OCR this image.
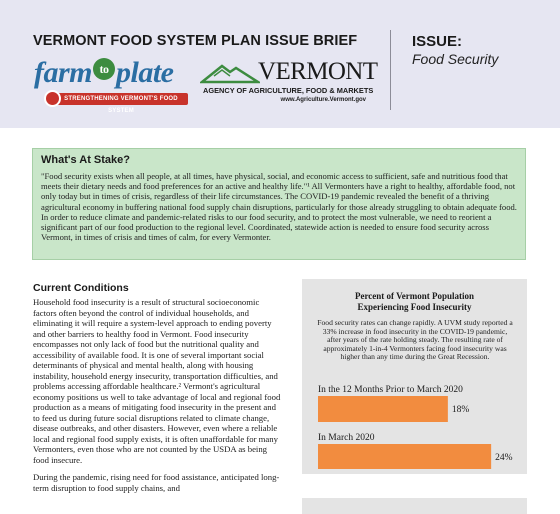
VERMONT FOOD SYSTEM PLAN ISSUE BRIEF	ISSUE:
Food Security
farm to plate
STRENGTHENING VERMONT'S FOOD SYSTEM
VERMONT
AGENCY OF AGRICULTURE, FOOD & MARKETS
www.Agriculture.Vermont.gov
What's At Stake?

"Food security exists when all people, at all times, have physical, social, and economic access to sufficient, safe and nutritious food that meets their dietary needs and food preferences for an active and healthy life."¹ All Vermonters have a right to healthy, affordable food, not only today but in times of crisis, regardless of their life circumstances. The COVID-19 pandemic revealed the benefit of a thriving agricultural economy in buffering national food supply chain disruptions, particularly for those already struggling to obtain adequate food. In order to reduce climate and pandemic-related risks to our food security, and to protect the most vulnerable, we need to reorient a significant part of our food production to the regional level. Coordinated, statewide action is needed to ensure food security across Vermont, in times of crisis and times of calm, for every Vermonter.

Current Conditions

Household food insecurity is a result of structural socioeconomic factors often beyond the control of individual households, and eliminating it will require a system-level approach to ending poverty and other barriers to healthy food in Vermont. Food insecurity encompasses not only lack of food but the nutritional quality and accessibility of available food. It is one of several important social determinants of physical and mental health, along with housing instability, household energy insecurity, transportation difficulties, and problems accessing affordable healthcare.² Vermont's agricultural economy positions us well to take advantage of local and regional food production as a means of mitigating food insecurity in the present and to feed us during future social disruptions related to climate change, disease outbreaks, and other disasters. However, even where a reliable local and regional food supply exists, it is often unaffordable for many Vermonters, even those who are not counted by the USDA as being food insecure.

During the pandemic, rising need for food assistance, anticipated long-term disruption to food supply chains, and

Percent of Vermont Population
Experiencing Food Insecurity
Food security rates can change rapidly. A UVM study reported a 33% increase in food insecurity in the COVID-19 pandemic, after years of the rate holding steady. The resulting rate of approximately 1-in-4 Vermonters facing food insecurity was higher than any time during the Great Recession.
In the 12 Months Prior to March 2020
18%
In March 2020
24%
